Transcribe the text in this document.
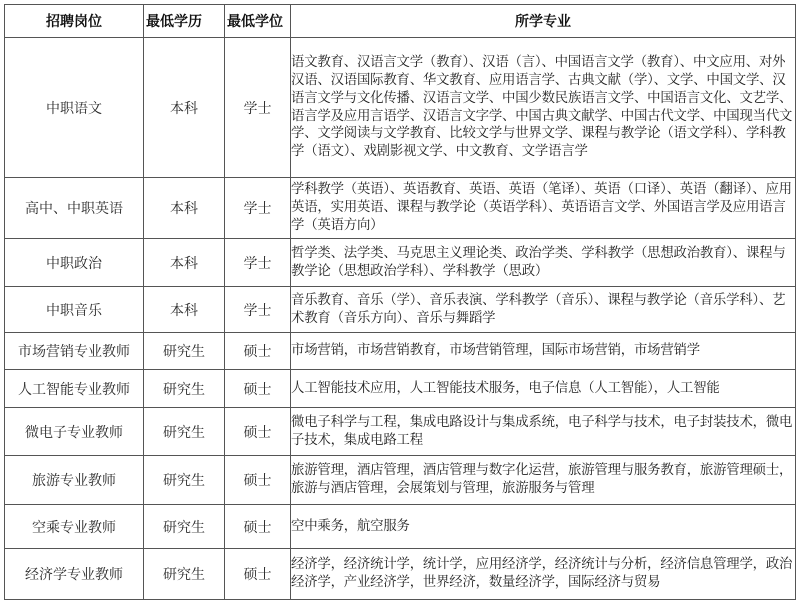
招聘岗位	最低学历	最低学位	所学专业
中职语文	本科	学士	语文教育、汉语言文学（教育）、汉语（言）、中国语言文学（教育）、中文应用、对外汉语、汉语国际教育、华文教育、应用语言学、古典文献（学）、文学、中国文学、汉语言文学与文化传播、汉语言文学、中国少数民族语言文学、中国语言文化、文艺学、语言学及应用言语学、汉语言文字学、中国古典文献学、中国古代文学、中国现当代文学、文学阅读与文学教育、比较文学与世界文学、课程与教学论（语文学科）、学科教学（语文）、戏剧影视文学、中文教育、文学语言学
高中、中职英语	本科	学士	学科教学（英语）、英语教育、英语、英语（笔译）、英语（口译）、英语（翻译）、应用英语，实用英语、课程与教学论（英语学科）、英语语言文学、外国语言学及应用语言学（英语方向）
中职政治	本科	学士	哲学类、法学类、马克思主义理论类、政治学类、学科教学（思想政治教育）、课程与教学论（思想政治学科）、学科教学（思政）
中职音乐	本科	学士	音乐教育、音乐（学）、音乐表演、学科教学（音乐）、课程与教学论（音乐学科）、艺术教育（音乐方向）、音乐与舞蹈学
市场营销专业教师	研究生	硕士	市场营销，市场营销教育，市场营销管理，国际市场营销，市场营销学
人工智能专业教师	研究生	硕士	人工智能技术应用，人工智能技术服务，电子信息（人工智能），人工智能
微电子专业教师	研究生	硕士	微电子科学与工程，集成电路设计与集成系统，电子科学与技术，电子封装技术，微电子技术，集成电路工程
旅游专业教师	研究生	硕士	旅游管理，酒店管理，酒店管理与数字化运营，旅游管理与服务教育，旅游管理硕士，旅游与酒店管理，会展策划与管理，旅游服务与管理
空乘专业教师	研究生	硕士	空中乘务，航空服务
经济学专业教师	研究生	硕士	经济学，经济统计学，统计学，应用经济学，经济统计与分析，经济信息管理学，政治经济学，产业经济学，世界经济，数量经济学，国际经济与贸易
